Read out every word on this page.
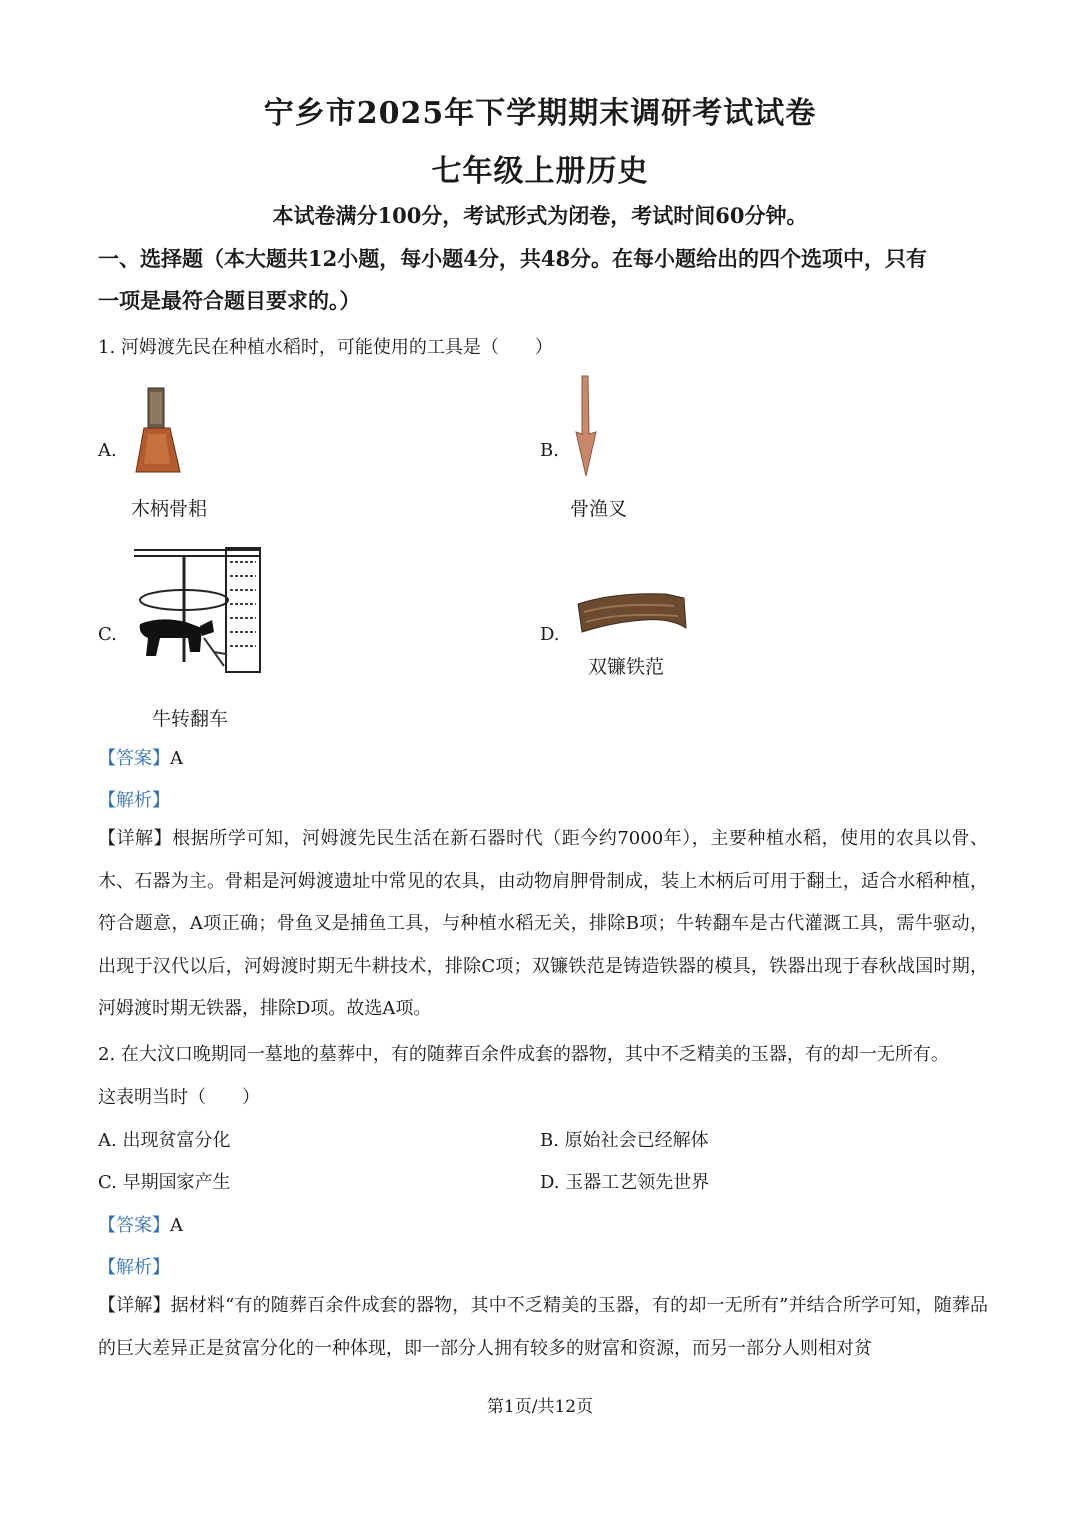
宁乡市2025年下学期期末调研考试试卷
七年级上册历史
本试卷满分100分，考试形式为闭卷，考试时间60分钟。
一、选择题（本大题共12小题，每小题4分，共48分。在每小题给出的四个选项中，只有
一项是最符合题目要求的。）
1. 河姆渡先民在种植水稻时，可能使用的工具是（　　）
A.
木柄骨耜
B.
骨渔叉
C.
牛转翻车
D.
双镰铁范
【答案】A
【解析】
【详解】根据所学可知，河姆渡先民生活在新石器时代（距今约7000年），主要种植水稻，使用的农具以骨、木、石器为主。骨耜是河姆渡遗址中常见的农具，由动物肩胛骨制成，装上木柄后可用于翻土，适合水稻种植，符合题意，A项正确；骨鱼叉是捕鱼工具，与种植水稻无关，排除B项；牛转翻车是古代灌溉工具，需牛驱动，出现于汉代以后，河姆渡时期无牛耕技术，排除C项；双镰铁范是铸造铁器的模具，铁器出现于春秋战国时期，河姆渡时期无铁器，排除D项。故选A项。
2. 在大汶口晚期同一墓地的墓葬中，有的随葬百余件成套的器物，其中不乏精美的玉器，有的却一无所有。
这表明当时（　　）
A. 出现贫富分化	B. 原始社会已经解体
C. 早期国家产生	D. 玉器工艺领先世界
【答案】A
【解析】
【详解】据材料“有的随葬百余件成套的器物，其中不乏精美的玉器，有的却一无所有”并结合所学可知，随葬品的巨大差异正是贫富分化的一种体现，即一部分人拥有较多的财富和资源，而另一部分人则相对贫
第1页/共12页
